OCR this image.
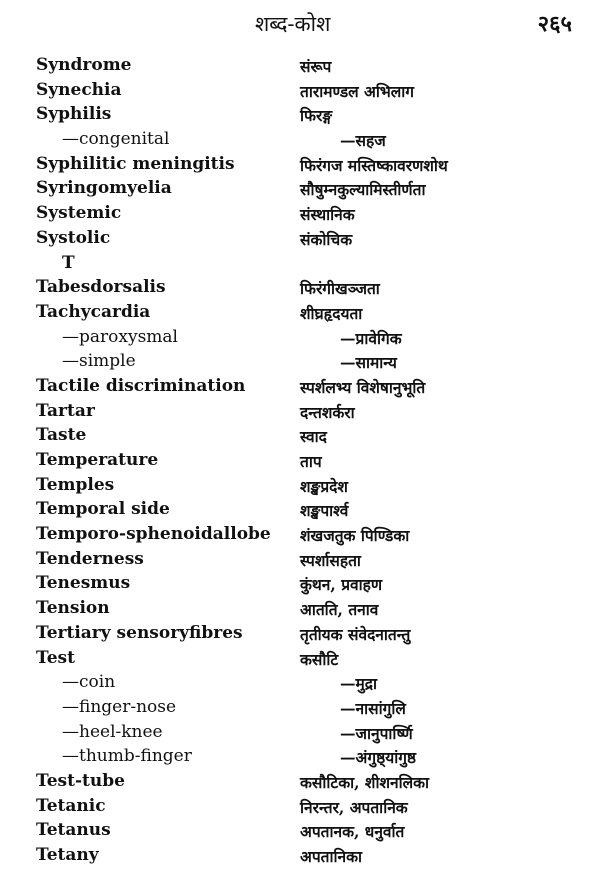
शब्द-कोश	२६५
Syndrome	संरूप
Synechia	तारामण्डल अभिलाग
Syphilis	फिरङ्ग
—congenital	—सहज
Syphilitic meningitis	फिरंगज मस्तिष्कावरणशोथ
Syringomyelia	सौषुम्नकुल्यामिस्तीर्णता
Systemic	संस्थानिक
Systolic	संकोचिक
T
Tabesdorsalis	फिरंगीखञ्जता
Tachycardia	शीघ्रहृदयता
—paroxysmal	—प्रावेगिक
—simple	—सामान्य
Tactile discrimination	स्पर्शलभ्य विशेषानुभूति
Tartar	दन्तशर्करा
Taste	स्वाद
Temperature	ताप
Temples	शङ्खप्रदेश
Temporal side	शङ्खपार्श्व
Temporo-sphenoidallobe शंखजतुक पिण्डिका
Tenderness	स्पर्शासहता
Tenesmus	कुंथन, प्रवाहण
Tension	आतति, तनाव
Tertiary sensoryfibres	तृतीयक संवेदनातन्तु
Test	कसौटि
—coin	—मुद्रा
—finger-nose	—नासांगुलि
—heel-knee	—जानुपार्ष्णि
—thumb-finger	—अंगुष्ठ्यांगुष्ठ
Test-tube	कसौटिका, शीशनलिका
Tetanic	निरन्तर, अपतानिक
Tetanus	अपतानक, धनुर्वात
Tetany	अपतानिका
